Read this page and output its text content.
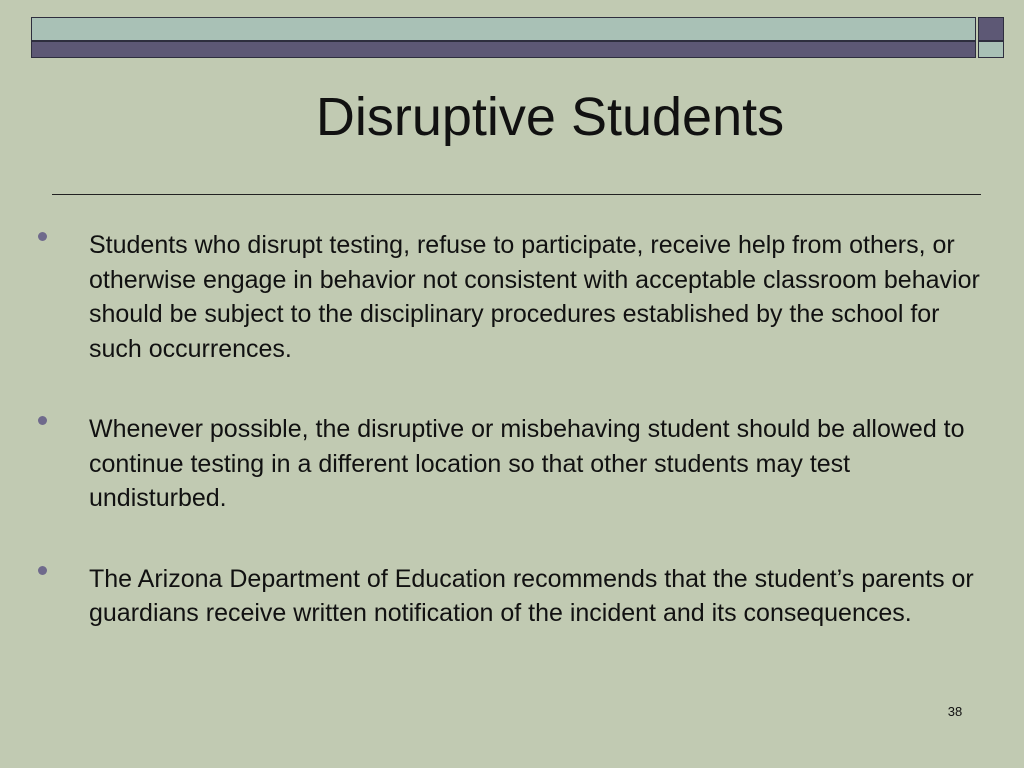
Disruptive Students
Students who disrupt testing, refuse to participate, receive help from others, or otherwise engage in behavior not consistent with acceptable classroom behavior should be subject to the disciplinary procedures established by the school for such occurrences.
Whenever possible, the disruptive or misbehaving student should be allowed to continue testing in a different location so that other students may test undisturbed.
The Arizona Department of Education recommends that the student’s parents or guardians receive written notification of the incident and its consequences.
38
